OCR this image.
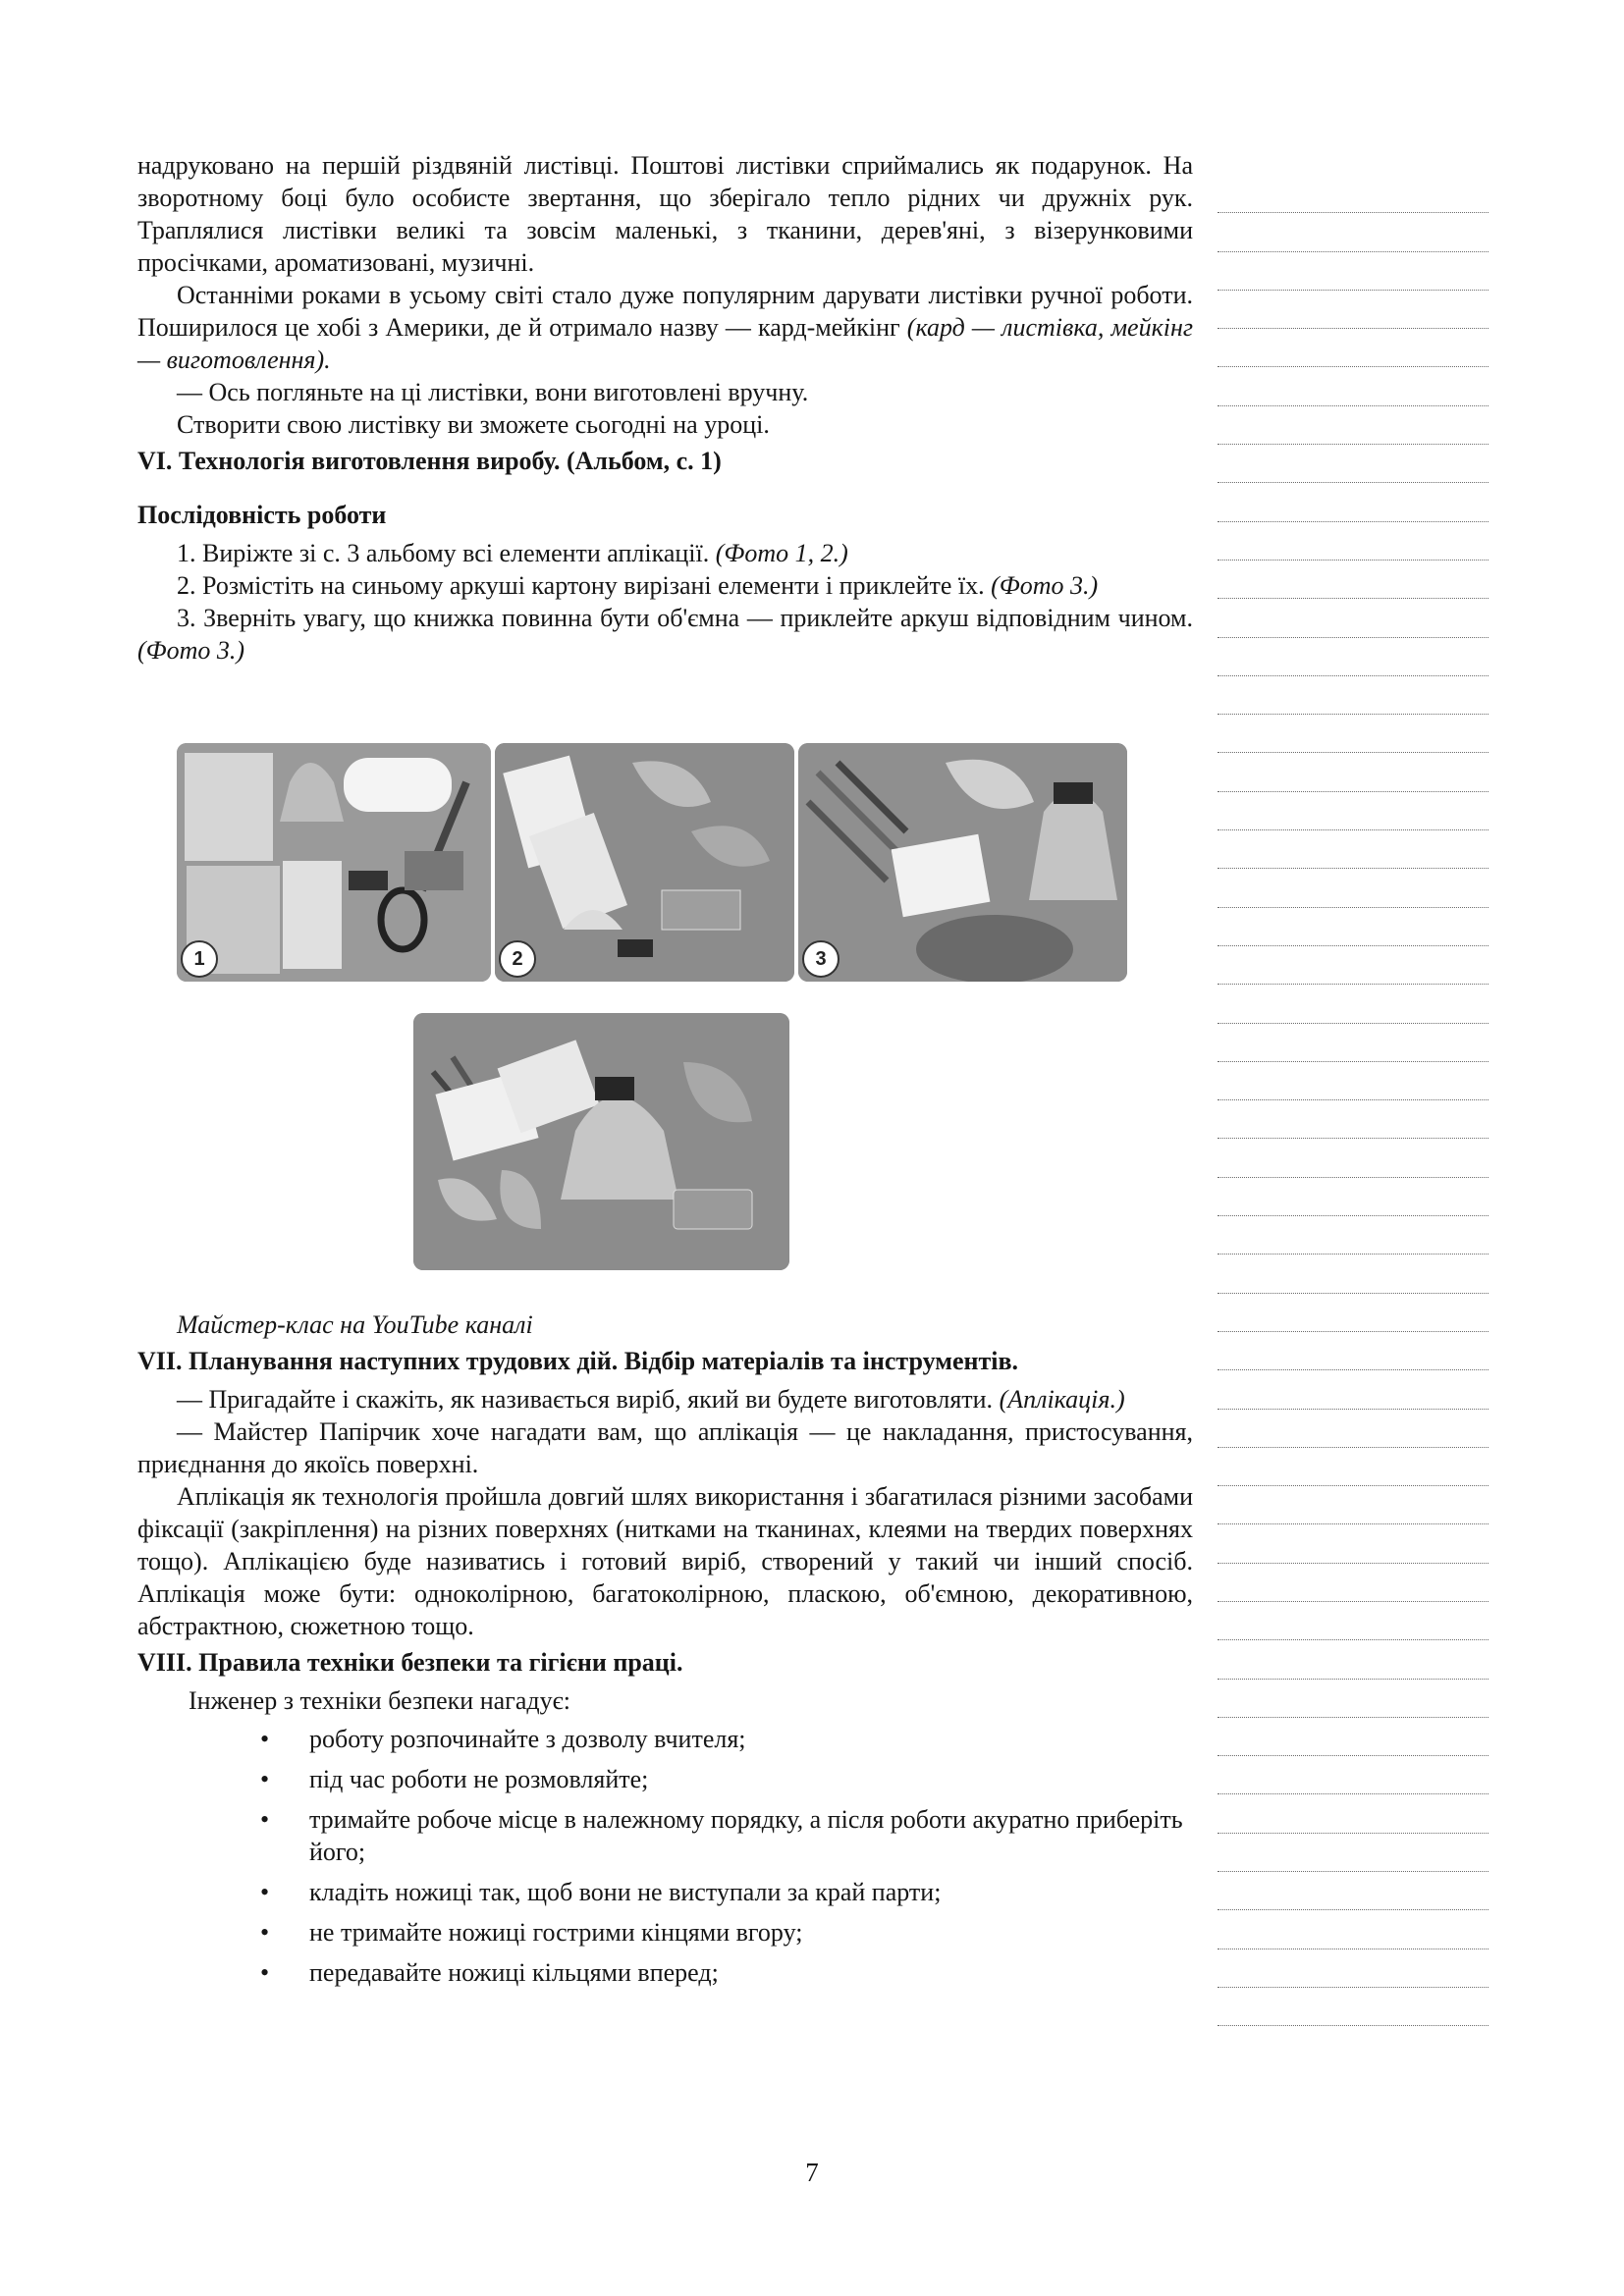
надруковано на першій різдвяній листівці. Поштові листівки сприймались як подарунок. На зворотному боці було особисте звертання, що зберігало тепло рідних чи дружніх рук. Траплялися листівки великі та зовсім маленькі, з тканини, дерев'яні, з візерунковими просічками, ароматизовані, музичні.

Останніми роками в усьому світі стало дуже популярним дарувати листівки ручної роботи. Поширилося це хобі з Америки, де й отримало назву — кард-мейкінг (кард — листівка, мейкінг — виготовлення).

— Ось погляньте на ці листівки, вони виготовлені вручну.

Створити свою листівку ви зможете сьогодні на уроці.

VI. Технологія виготовлення виробу. (Альбом, с. 1)

Послідовність роботи

1. Виріжте зі с. 3 альбому всі елементи аплікації. (Фото 1, 2.)

2. Розмістіть на синьому аркуші картону вирізані елементи і приклейте їх. (Фото 3.)

3. Зверніть увагу, що книжка повинна бути об'ємна — приклейте аркуш відповідним чином. (Фото 3.)

1	2	3

Майстер-клас на YouTube каналі

VII. Планування наступних трудових дій. Відбір матеріалів та інструментів.

— Пригадайте і скажіть, як називається виріб, який ви будете виготовляти. (Аплікація.)

— Майстер Папірчик хоче нагадати вам, що аплікація — це накладання, пристосування, приєднання до якоїсь поверхні.

Аплікація як технологія пройшла довгий шлях використання і збагатилася різними засобами фіксації (закріплення) на різних поверхнях (нитками на тканинах, клеями на твердих поверхнях тощо). Аплікацією буде називатись і готовий виріб, створений у такий чи інший спосіб. Аплікація може бути: одноколірною, багатоколірною, пласкою, об'ємною, декоративною, абстрактною, сюжетною тощо.

VIII. Правила техніки безпеки та гігієни праці.

Інженер з техніки безпеки нагадує:

• роботу розпочинайте з дозволу вчителя;
• під час роботи не розмовляйте;
• тримайте робоче місце в належному порядку, а після роботи акуратно приберіть його;
• кладіть ножиці так, щоб вони не виступали за край парти;
• не тримайте ножиці гострими кінцями вгору;
• передавайте ножиці кільцями вперед;
7
